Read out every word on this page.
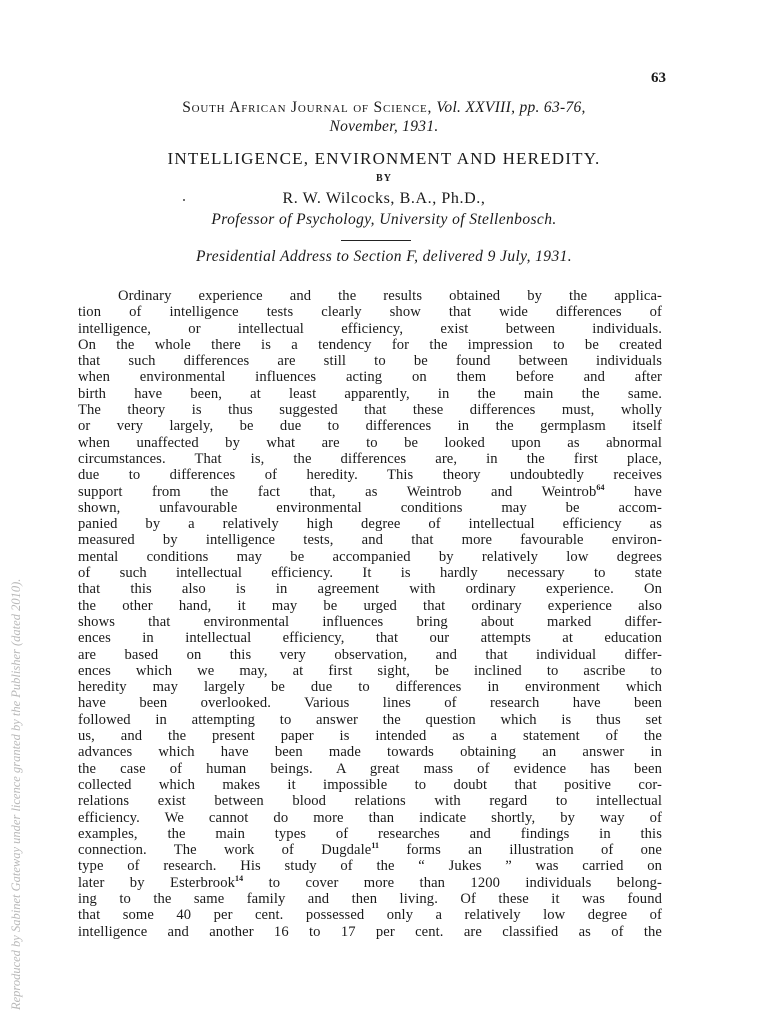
63
South African Journal of Science, Vol. XXVIII, pp. 63-76,
November, 1931.
INTELLIGENCE, ENVIRONMENT AND HEREDITY.
BY
R. W. Wilcocks, B.A., Ph.D.,
Professor of Psychology, University of Stellenbosch.
Presidential Address to Section F, delivered 9 July, 1931.
Ordinary experience and the results obtained by the applica-
tion of intelligence tests clearly show that wide differences of
intelligence, or intellectual efficiency, exist between individuals.
On the whole there is a tendency for the impression to be created
that such differences are still to be found between individuals
when environmental influences acting on them before and after
birth have been, at least apparently, in the main the same.
The theory is thus suggested that these differences must, wholly
or very largely, be due to differences in the germplasm itself
when unaffected by what are to be looked upon as abnormal
circumstances. That is, the differences are, in the first place,
due to differences of heredity. This theory undoubtedly receives
support from the fact that, as Weintrob and Weintrob$^{64}$ have
shown, unfavourable environmental conditions may be accom-
panied by a relatively high degree of intellectual efficiency as
measured by intelligence tests, and that more favourable environ-
mental conditions may be accompanied by relatively low degrees
of such intellectual efficiency. It is hardly necessary to state
that this also is in agreement with ordinary experience. On
the other hand, it may be urged that ordinary experience also
shows that environmental influences bring about marked differ-
ences in intellectual efficiency, that our attempts at education
are based on this very observation, and that individual differ-
ences which we may, at first sight, be inclined to ascribe to
heredity may largely be due to differences in environment which
have been overlooked. Various lines of research have been
followed in attempting to answer the question which is thus set
us, and the present paper is intended as a statement of the
advances which have been made towards obtaining an answer in
the case of human beings. A great mass of evidence has been
collected which makes it impossible to doubt that positive cor-
relations exist between blood relations with regard to intellectual
efficiency. We cannot do more than indicate shortly, by way of
examples, the main types of researches and findings in this
connection. The work of Dugdale$^{11}$ forms an illustration of one
type of research. His study of the “ Jukes ” was carried on
later by Esterbrook$^{14}$ to cover more than 1200 individuals belong-
ing to the same family and then living. Of these it was found
that some 40 per cent. possessed only a relatively low degree of
intelligence and another 16 to 17 per cent. are classified as of the
Reproduced by Sabinet Gateway under licence granted by the Publisher (dated 2010).
